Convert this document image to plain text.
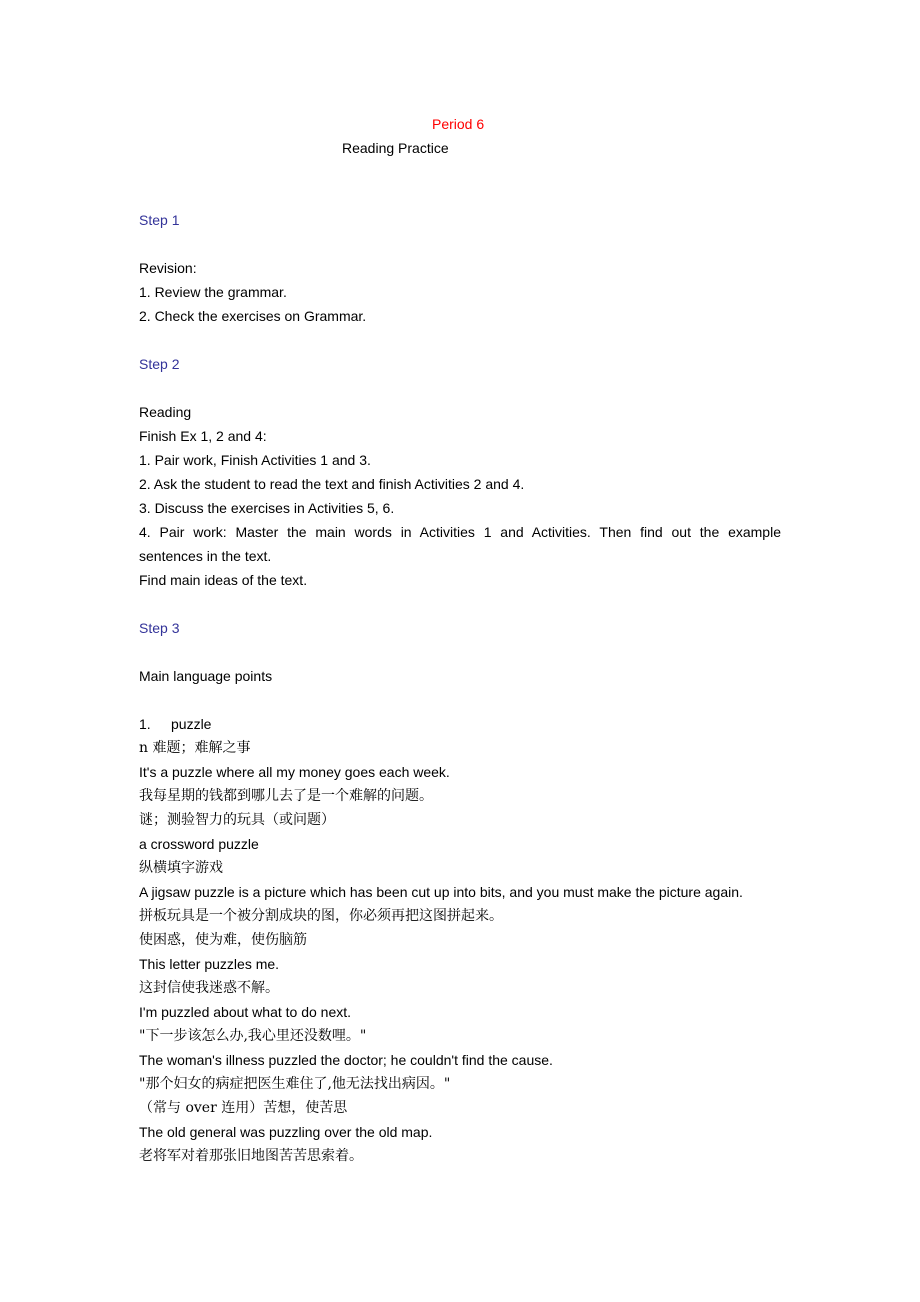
Period 6
Reading Practice
Step 1
Revision:
1. Review the grammar.
2. Check the exercises on Grammar.
Step 2
Reading
Finish Ex 1, 2 and 4:
1. Pair work, Finish Activities 1 and 3.
2. Ask the student to read the text and finish Activities 2 and 4.
3. Discuss the exercises in Activities 5, 6.
4. Pair work: Master the main words in Activities 1 and Activities. Then find out the example
sentences in the text.
Find main ideas of the text.
Step 3
Main language points
1. puzzle
n 难题；难解之事
It's a puzzle where all my money goes each week.
我每星期的钱都到哪儿去了是一个难解的问题。
谜；测验智力的玩具（或问题）
a crossword puzzle
纵横填字游戏
A jigsaw puzzle is a picture which has been cut up into bits, and you must make the picture again.
拼板玩具是一个被分割成块的图，你必须再把这图拼起来。
使困惑，使为难，使伤脑筋
This letter puzzles me.
这封信使我迷惑不解。
I'm puzzled about what to do next.
"下一步该怎么办,我心里还没数哩。"
The woman's illness puzzled the doctor; he couldn't find the cause.
"那个妇女的病症把医生难住了,他无法找出病因。"
（常与 over 连用）苦想，使苦思
The old general was puzzling over the old map.
老将军对着那张旧地图苦苦思索着。
